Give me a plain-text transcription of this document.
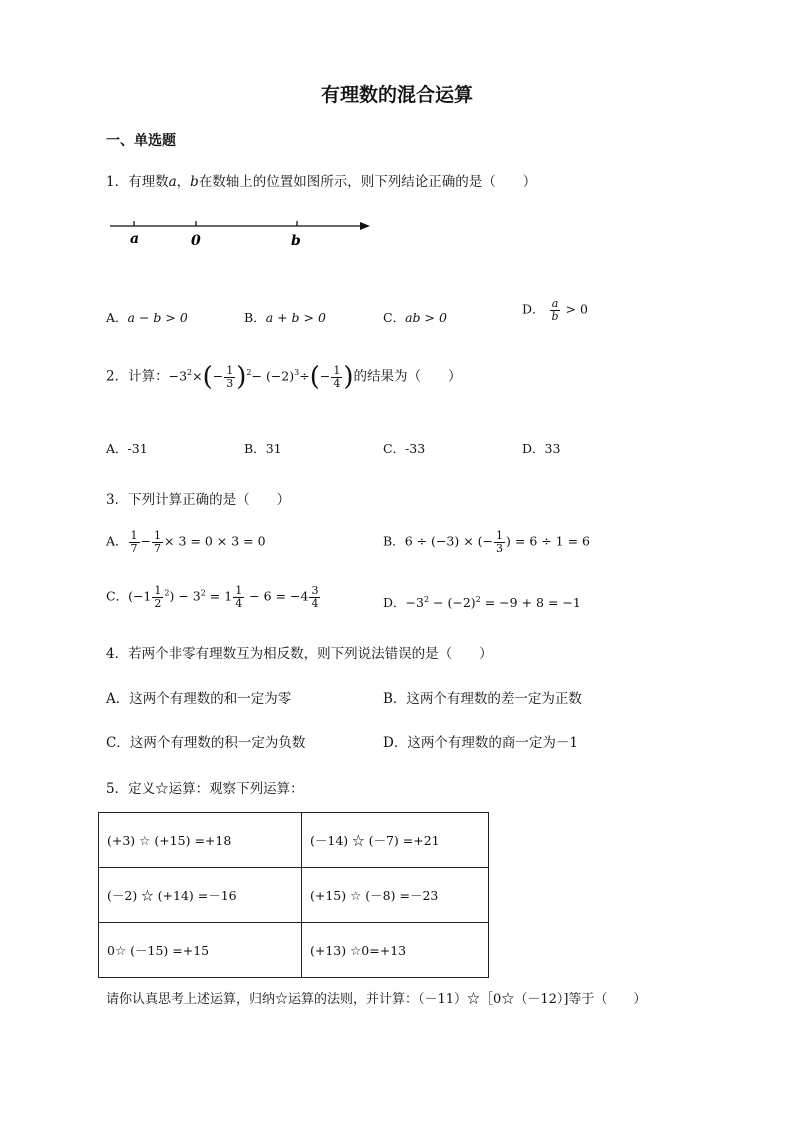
有理数的混合运算
一、单选题
1．有理数a，b在数轴上的位置如图所示，则下列结论正确的是（　　）
a	0	b
A．a − b > 0	B．a + b > 0	C．ab > 0
D． $\frac{a}{b} > 0$
2．计算：$-3^2\times(- \frac{1}{3} )^2- (-2)^3\div(- \frac{1}{4}$ )的结果为（　　）
A．-31	B．31	C．-33	D．33
3．下列计算正确的是（　　）
A． $\frac{1}{7} - \frac{1}{7} \times 3 = 0 \times 3 = 0$	B．6 ÷ (−3) × (− $\frac{1}{3}$ ) = 6 ÷ 1 = 6
C．$(-1 \frac{1}{2} ^2) - 3^2 = 1 \frac{1}{4} - 6 = -4 \frac{3}{4}$	D．$-3^2 - (-2)^2 = -9 + 8 = -1$
4．若两个非零有理数互为相反数，则下列说法错误的是（　　）
A．这两个有理数的和一定为零	B．这两个有理数的差一定为正数
C．这两个有理数的积一定为负数	D．这两个有理数的商一定为－1
5．定义☆运算：观察下列运算：
(+3) ☆ (+15) =+18	(－14) ☆ (－7) =+21
(－2) ☆ (+14) =－16	(+15) ☆ (－8) =－23
0☆ (－15) =+15	(+13) ☆0=+13
请你认真思考上述运算，归纳☆运算的法则，并计算：（－11）☆［0☆（－12）]等于（　　）
